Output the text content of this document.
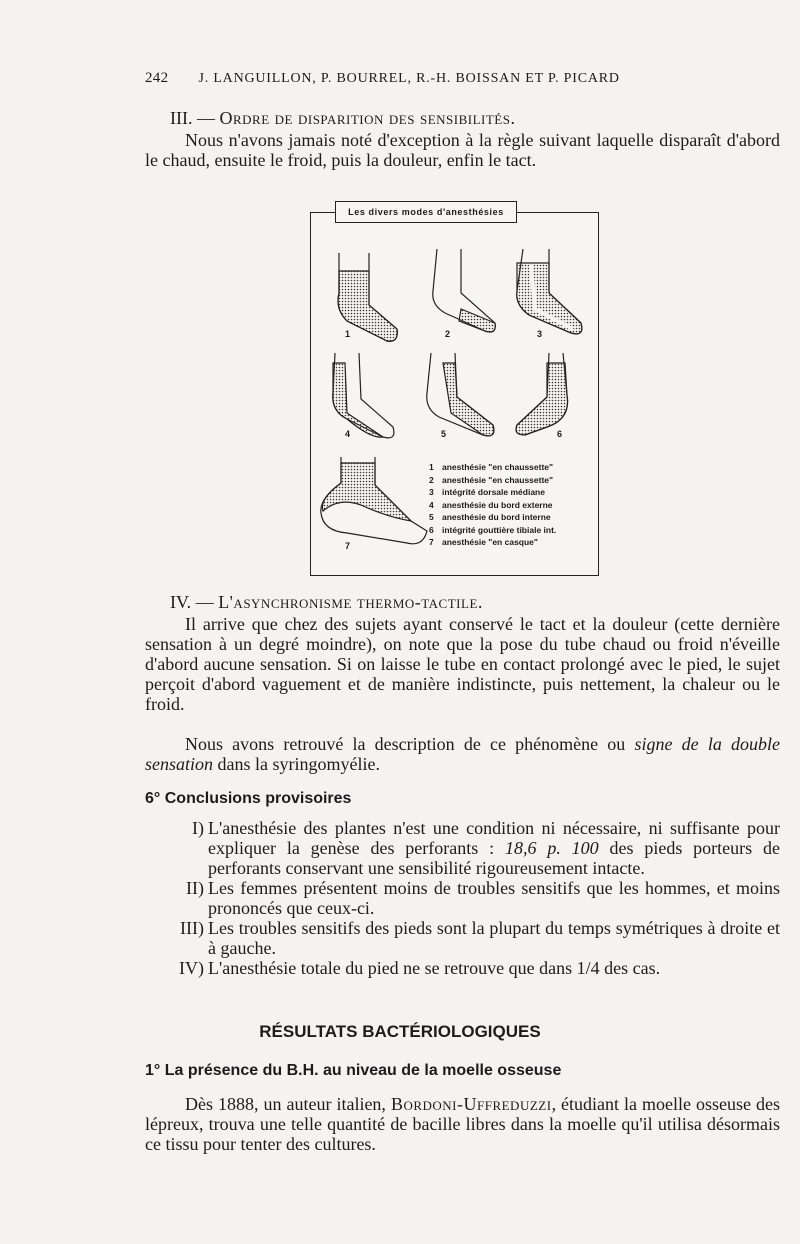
242 J. LANGUILLON, P. BOURREL, R.-H. BOISSAN ET P. PICARD
III. — Ordre de disparition des sensibilités.
Nous n'avons jamais noté d'exception à la règle suivant laquelle disparaît d'abord le chaud, ensuite le froid, puis la douleur, enfin le tact.
Les divers modes d'anesthésies
1	2	3
4	5	6
7
1 anesthésie "en chaussette"
2 anesthésie "en chaussette"
3 intégrité dorsale médiane
4 anesthésie du bord externe
5 anesthésie du bord interne
6 intégrité gouttière tibiale int.
7 anesthésie "en casque"
IV. — L'asynchronisme thermo-tactile.
Il arrive que chez des sujets ayant conservé le tact et la douleur (cette dernière sensation à un degré moindre), on note que la pose du tube chaud ou froid n'éveille d'abord aucune sensation. Si on laisse le tube en contact prolongé avec le pied, le sujet perçoit d'abord vaguement et de manière indistincte, puis nettement, la chaleur ou le froid.
Nous avons retrouvé la description de ce phénomène ou signe de la double sensation dans la syringomyélie.
6° Conclusions provisoires
I) L'anesthésie des plantes n'est une condition ni nécessaire, ni suffisante pour expliquer la genèse des perforants : 18,6 p. 100 des pieds porteurs de perforants conservant une sensibilité rigoureusement intacte.
II) Les femmes présentent moins de troubles sensitifs que les hommes, et moins prononcés que ceux-ci.
III) Les troubles sensitifs des pieds sont la plupart du temps symétriques à droite et à gauche.
IV) L'anesthésie totale du pied ne se retrouve que dans 1/4 des cas.
RÉSULTATS BACTÉRIOLOGIQUES
1° La présence du B.H. au niveau de la moelle osseuse
Dès 1888, un auteur italien, Bordoni-Uffreduzzi, étudiant la moelle osseuse des lépreux, trouva une telle quantité de bacille libres dans la moelle qu'il utilisa désormais ce tissu pour tenter des cultures.
